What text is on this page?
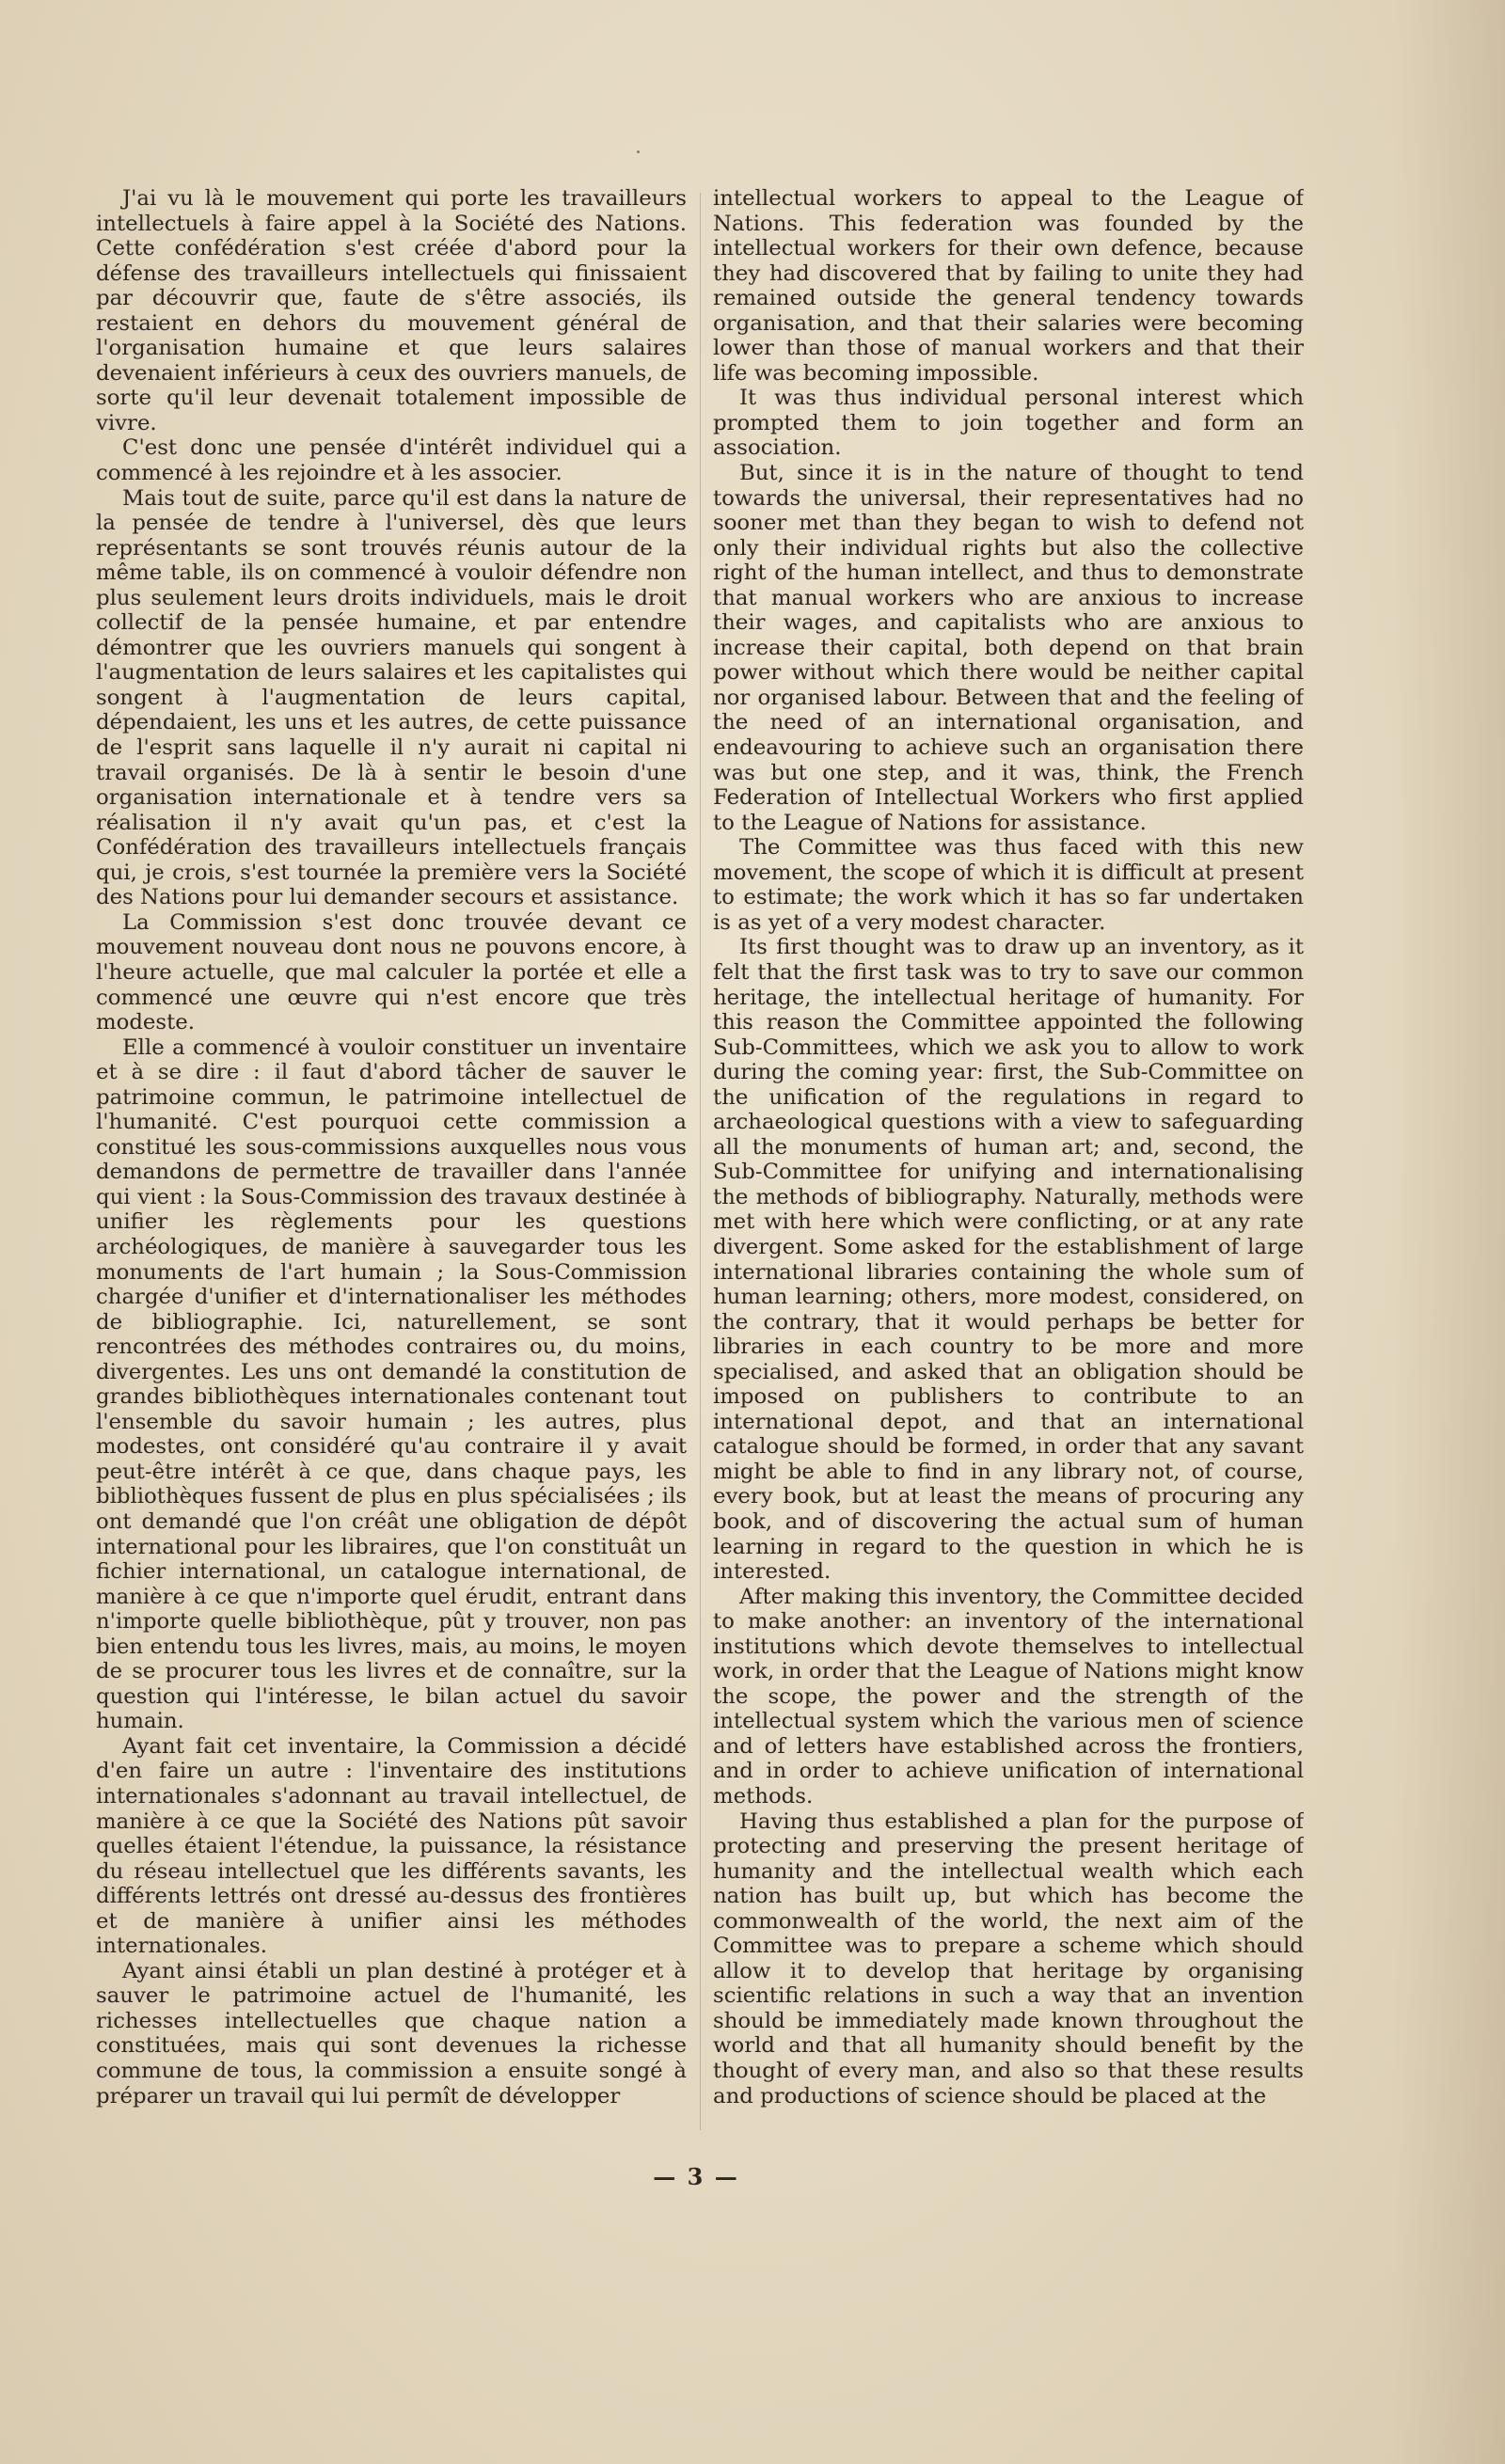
J'ai vu là le mouvement qui porte les travailleurs intellectuels à faire appel à la Société des Nations. Cette confédération s'est créée d'abord pour la défense des travailleurs intellectuels qui finissaient par découvrir que, faute de s'être associés, ils restaient en dehors du mouvement général de l'organisation humaine et que leurs salaires devenaient inférieurs à ceux des ouvriers manuels, de sorte qu'il leur devenait totalement impossible de vivre.

C'est donc une pensée d'intérêt individuel qui a commencé à les rejoindre et à les associer.

Mais tout de suite, parce qu'il est dans la nature de la pensée de tendre à l'universel, dès que leurs représentants se sont trouvés réunis autour de la même table, ils on commencé à vouloir défendre non plus seulement leurs droits individuels, mais le droit collectif de la pensée humaine, et par entendre démontrer que les ouvriers manuels qui songent à l'augmentation de leurs salaires et les capitalistes qui songent à l'augmentation de leurs capital, dépendaient, les uns et les autres, de cette puissance de l'esprit sans laquelle il n'y aurait ni capital ni travail organisés. De là à sentir le besoin d'une organisation internationale et à tendre vers sa réalisation il n'y avait qu'un pas, et c'est la Confédération des travailleurs intellectuels français qui, je crois, s'est tournée la première vers la Société des Nations pour lui demander secours et assistance.

La Commission s'est donc trouvée devant ce mouvement nouveau dont nous ne pouvons encore, à l'heure actuelle, que mal calculer la portée et elle a commencé une œuvre qui n'est encore que très modeste.

Elle a commencé à vouloir constituer un inventaire et à se dire : il faut d'abord tâcher de sauver le patrimoine commun, le patrimoine intellectuel de l'humanité. C'est pourquoi cette commission a constitué les sous-commissions auxquelles nous vous demandons de permettre de travailler dans l'année qui vient : la Sous-Commission des travaux destinée à unifier les règlements pour les questions archéologiques, de manière à sauvegarder tous les monuments de l'art humain ; la Sous-Commission chargée d'unifier et d'internationaliser les méthodes de bibliographie. Ici, naturellement, se sont rencontrées des méthodes contraires ou, du moins, divergentes. Les uns ont demandé la constitution de grandes bibliothèques internationales contenant tout l'ensemble du savoir humain ; les autres, plus modestes, ont considéré qu'au contraire il y avait peut-être intérêt à ce que, dans chaque pays, les bibliothèques fussent de plus en plus spécialisées ; ils ont demandé que l'on créât une obligation de dépôt international pour les libraires, que l'on constituât un fichier international, un catalogue international, de manière à ce que n'importe quel érudit, entrant dans n'importe quelle bibliothèque, pût y trouver, non pas bien entendu tous les livres, mais, au moins, le moyen de se procurer tous les livres et de connaître, sur la question qui l'intéresse, le bilan actuel du savoir humain.

Ayant fait cet inventaire, la Commission a décidé d'en faire un autre : l'inventaire des institutions internationales s'adonnant au travail intellectuel, de manière à ce que la Société des Nations pût savoir quelles étaient l'étendue, la puissance, la résistance du réseau intellectuel que les différents savants, les différents lettrés ont dressé au-dessus des frontières et de manière à unifier ainsi les méthodes internationales.

Ayant ainsi établi un plan destiné à protéger et à sauver le patrimoine actuel de l'humanité, les richesses intellectuelles que chaque nation a constituées, mais qui sont devenues la richesse commune de tous, la commission a ensuite songé à préparer un travail qui lui permît de développer

intellectual workers to appeal to the League of Nations. This federation was founded by the intellectual workers for their own defence, because they had discovered that by failing to unite they had remained outside the general tendency towards organisation, and that their salaries were becoming lower than those of manual workers and that their life was becoming impossible.

It was thus individual personal interest which prompted them to join together and form an association.

But, since it is in the nature of thought to tend towards the universal, their representatives had no sooner met than they began to wish to defend not only their individual rights but also the collective right of the human intellect, and thus to demonstrate that manual workers who are anxious to increase their wages, and capitalists who are anxious to increase their capital, both depend on that brain power without which there would be neither capital nor organised labour. Between that and the feeling of the need of an international organisation, and endeavouring to achieve such an organisation there was but one step, and it was, think, the French Federation of Intellectual Workers who first applied to the League of Nations for assistance.

The Committee was thus faced with this new movement, the scope of which it is difficult at present to estimate; the work which it has so far undertaken is as yet of a very modest character.

Its first thought was to draw up an inventory, as it felt that the first task was to try to save our common heritage, the intellectual heritage of humanity. For this reason the Committee appointed the following Sub-Committees, which we ask you to allow to work during the coming year: first, the Sub-Committee on the unification of the regulations in regard to archaeological questions with a view to safeguarding all the monuments of human art; and, second, the Sub-Committee for unifying and internationalising the methods of bibliography. Naturally, methods were met with here which were conflicting, or at any rate divergent. Some asked for the establishment of large international libraries containing the whole sum of human learning; others, more modest, considered, on the contrary, that it would perhaps be better for libraries in each country to be more and more specialised, and asked that an obligation should be imposed on publishers to contribute to an international depot, and that an international catalogue should be formed, in order that any savant might be able to find in any library not, of course, every book, but at least the means of procuring any book, and of discovering the actual sum of human learning in regard to the question in which he is interested.

After making this inventory, the Committee decided to make another: an inventory of the international institutions which devote themselves to intellectual work, in order that the League of Nations might know the scope, the power and the strength of the intellectual system which the various men of science and of letters have established across the frontiers, and in order to achieve unification of international methods.

Having thus established a plan for the purpose of protecting and preserving the present heritage of humanity and the intellectual wealth which each nation has built up, but which has become the commonwealth of the world, the next aim of the Committee was to prepare a scheme which should allow it to develop that heritage by organising scientific relations in such a way that an invention should be immediately made known throughout the world and that all humanity should benefit by the thought of every man, and also so that these results and productions of science should be placed at the

— 3 —
